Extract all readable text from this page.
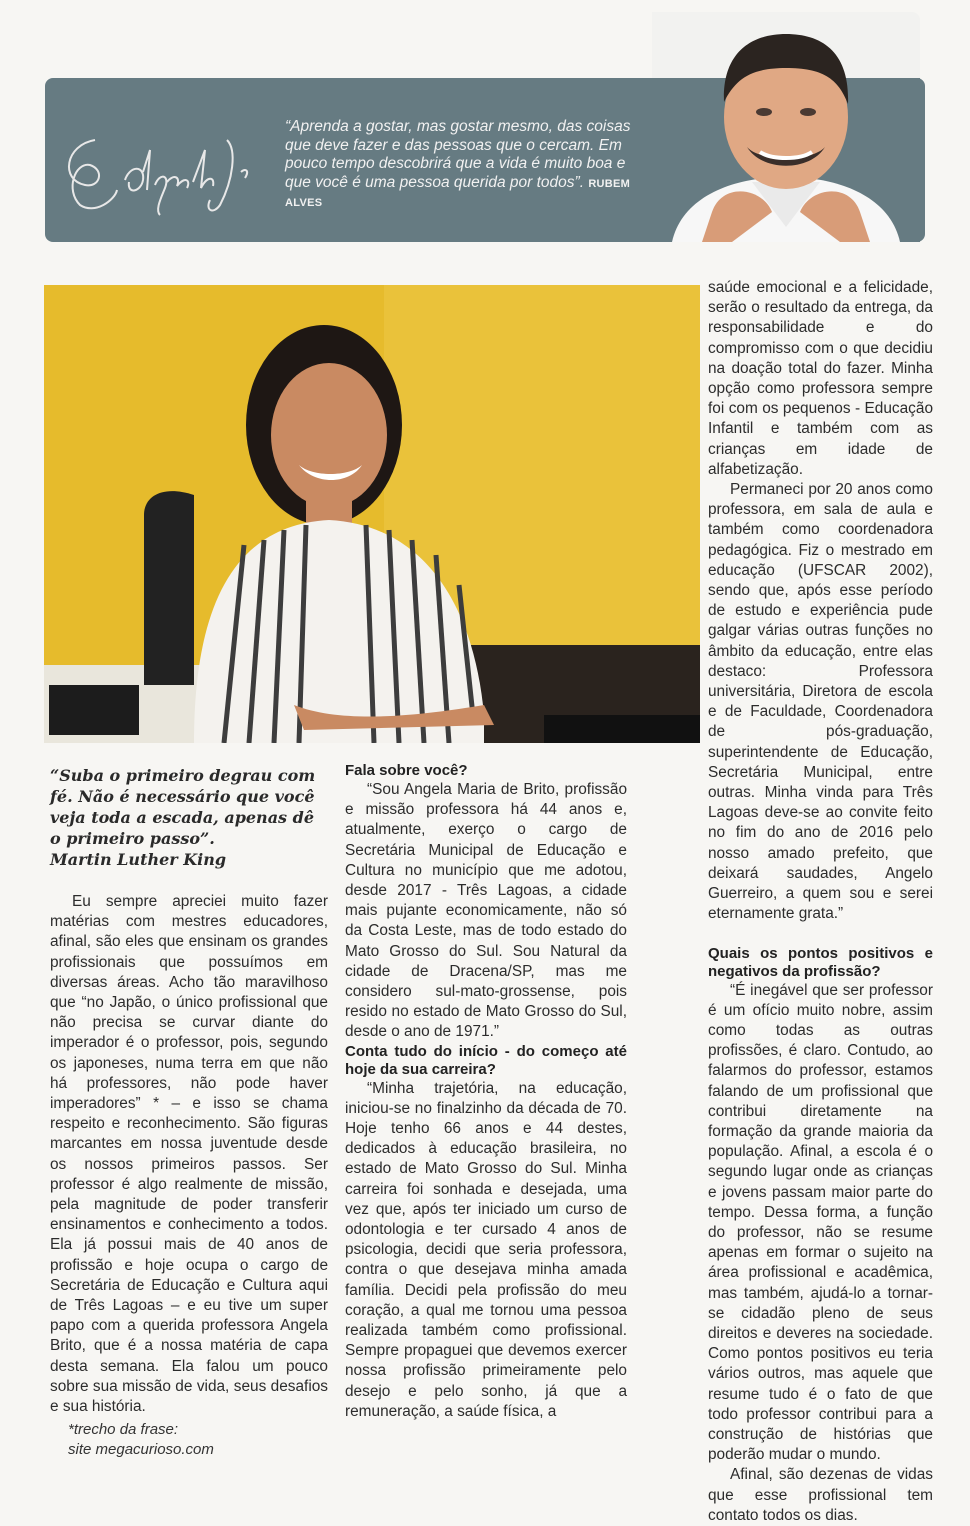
“Aprenda a gostar, mas gostar mesmo, das coisas que deve fazer e das pessoas que o cercam. Em pouco tempo descobrirá que a vida é muito boa e que você é uma pessoa querida por todos”. RUBEM ALVES

“Suba o primeiro degrau com fé. Não é necessário que você veja toda a escada, apenas dê o primeiro passo”.
Martin Luther King

Eu sempre apreciei muito fazer matérias com mestres educadores, afinal, são eles que ensinam os grandes profissionais que possuímos em diversas áreas. Acho tão maravilhoso que “no Japão, o único profissional que não precisa se curvar diante do imperador é o professor, pois, segundo os japoneses, numa terra em que não há professores, não pode haver imperadores” * – e isso se chama respeito e reconhecimento. São figuras marcantes em nossa juventude desde os nossos primeiros passos. Ser professor é algo realmente de missão, pela magnitude de poder transferir ensinamentos e conhecimento a todos. Ela já possui mais de 40 anos de profissão e hoje ocupa o cargo de Secretária de Educação e Cultura aqui de Três Lagoas – e eu tive um super papo com a querida professora Angela Brito, que é a nossa matéria de capa desta semana. Ela falou um pouco sobre sua missão de vida, seus desafios e sua história.

*trecho da frase:
site megacurioso.com

Fala sobre você?

“Sou Angela Maria de Brito, profissão e missão professora há 44 anos e, atualmente, exerço o cargo de Secretária Municipal de Educação e Cultura no município que me adotou, desde 2017 - Três Lagoas, a cidade mais pujante economicamente, não só da Costa Leste, mas de todo estado do Mato Grosso do Sul. Sou Natural da cidade de Dracena/SP, mas me considero sul-mato-grossense, pois resido no estado de Mato Grosso do Sul, desde o ano de 1971.”

Conta tudo do início - do começo até hoje da sua carreira?

“Minha trajetória, na educação, iniciou-se no finalzinho da década de 70. Hoje tenho 66 anos e 44 destes, dedicados à educação brasileira, no estado de Mato Grosso do Sul. Minha carreira foi sonhada e desejada, uma vez que, após ter iniciado um curso de odontologia e ter cursado 4 anos de psicologia, decidi que seria professora, contra o que desejava minha amada família. Decidi pela profissão do meu coração, a qual me tornou uma pessoa realizada também como profissional. Sempre propaguei que devemos exercer nossa profissão primeiramente pelo desejo e pelo sonho, já que a remuneração, a saúde física, a

saúde emocional e a felicidade, serão o resultado da entrega, da responsabilidade e do compromisso com o que decidiu na doação total do fazer. Minha opção como professora sempre foi com os pequenos - Educação Infantil e também com as crianças em idade de alfabetização.

Permaneci por 20 anos como professora, em sala de aula e também como coordenadora pedagógica. Fiz o mestrado em educação (UFSCAR 2002), sendo que, após esse período de estudo e experiência pude galgar várias outras funções no âmbito da educação, entre elas destaco: Professora universitária, Diretora de escola e de Faculdade, Coordenadora de pós-graduação, superintendente de Educação, Secretária Municipal, entre outras. Minha vinda para Três Lagoas deve-se ao convite feito no fim do ano de 2016 pelo nosso amado prefeito, que deixará saudades, Angelo Guerreiro, a quem sou e serei eternamente grata.”

Quais os pontos positivos e negativos da profissão?

“É inegável que ser professor é um ofício muito nobre, assim como todas as outras profissões, é claro. Contudo, ao falarmos do professor, estamos falando de um profissional que contribui diretamente na formação da grande maioria da população. Afinal, a escola é o segundo lugar onde as crianças e jovens passam maior parte do tempo. Dessa forma, a função do professor, não se resume apenas em formar o sujeito na área profissional e acadêmica, mas também, ajudá-lo a tornar-se cidadão pleno de seus direitos e deveres na sociedade. Como pontos positivos eu teria vários outros, mas aquele que resume tudo é o fato de que todo professor contribui para a construção de histórias que poderão mudar o mundo.

Afinal, são dezenas de vidas que esse profissional tem contato todos os dias.
